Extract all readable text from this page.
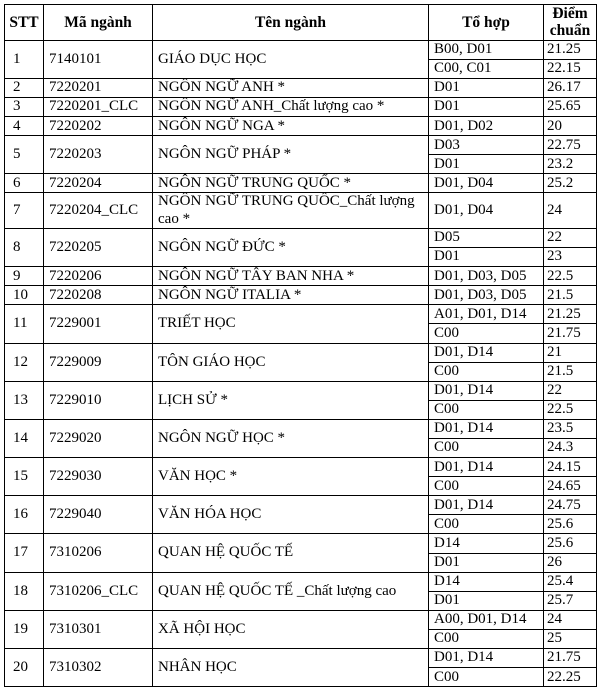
STT	Mã ngành	Tên ngành	Tổ hợp	Điểm chuẩn
1	7140101	GIÁO DỤC HỌC	B00, D01	21.25
			C00, C01	22.15
2	7220201	NGÔN NGỮ ANH *	D01	26.17
3	7220201_CLC	NGÔN NGỮ ANH_Chất lượng cao *	D01	25.65
4	7220202	NGÔN NGỮ NGA *	D01, D02	20
5	7220203	NGÔN NGỮ PHÁP *	D03	22.75
			D01	23.2
6	7220204	NGÔN NGỮ TRUNG QUỐC *	D01, D04	25.2
7	7220204_CLC	NGÔN NGỮ TRUNG QUỐC_Chất lượng cao *	D01, D04	24
8	7220205	NGÔN NGỮ ĐỨC *	D05	22
			D01	23
9	7220206	NGÔN NGỮ TÂY BAN NHA *	D01, D03, D05	22.5
10	7220208	NGÔN NGỮ ITALIA *	D01, D03, D05	21.5
11	7229001	TRIẾT HỌC	A01, D01, D14	21.25
			C00	21.75
12	7229009	TÔN GIÁO HỌC	D01, D14	21
			C00	21.5
13	7229010	LỊCH SỬ *	D01, D14	22
			C00	22.5
14	7229020	NGÔN NGỮ HỌC *	D01, D14	23.5
			C00	24.3
15	7229030	VĂN HỌC *	D01, D14	24.15
			C00	24.65
16	7229040	VĂN HÓA HỌC	D01, D14	24.75
			C00	25.6
17	7310206	QUAN HỆ QUỐC TẾ	D14	25.6
			D01	26
18	7310206_CLC	QUAN HỆ QUỐC TẾ _Chất lượng cao	D14	25.4
			D01	25.7
19	7310301	XÃ HỘI HỌC	A00, D01, D14	24
			C00	25
20	7310302	NHÂN HỌC	D01, D14	21.75
			C00	22.25
